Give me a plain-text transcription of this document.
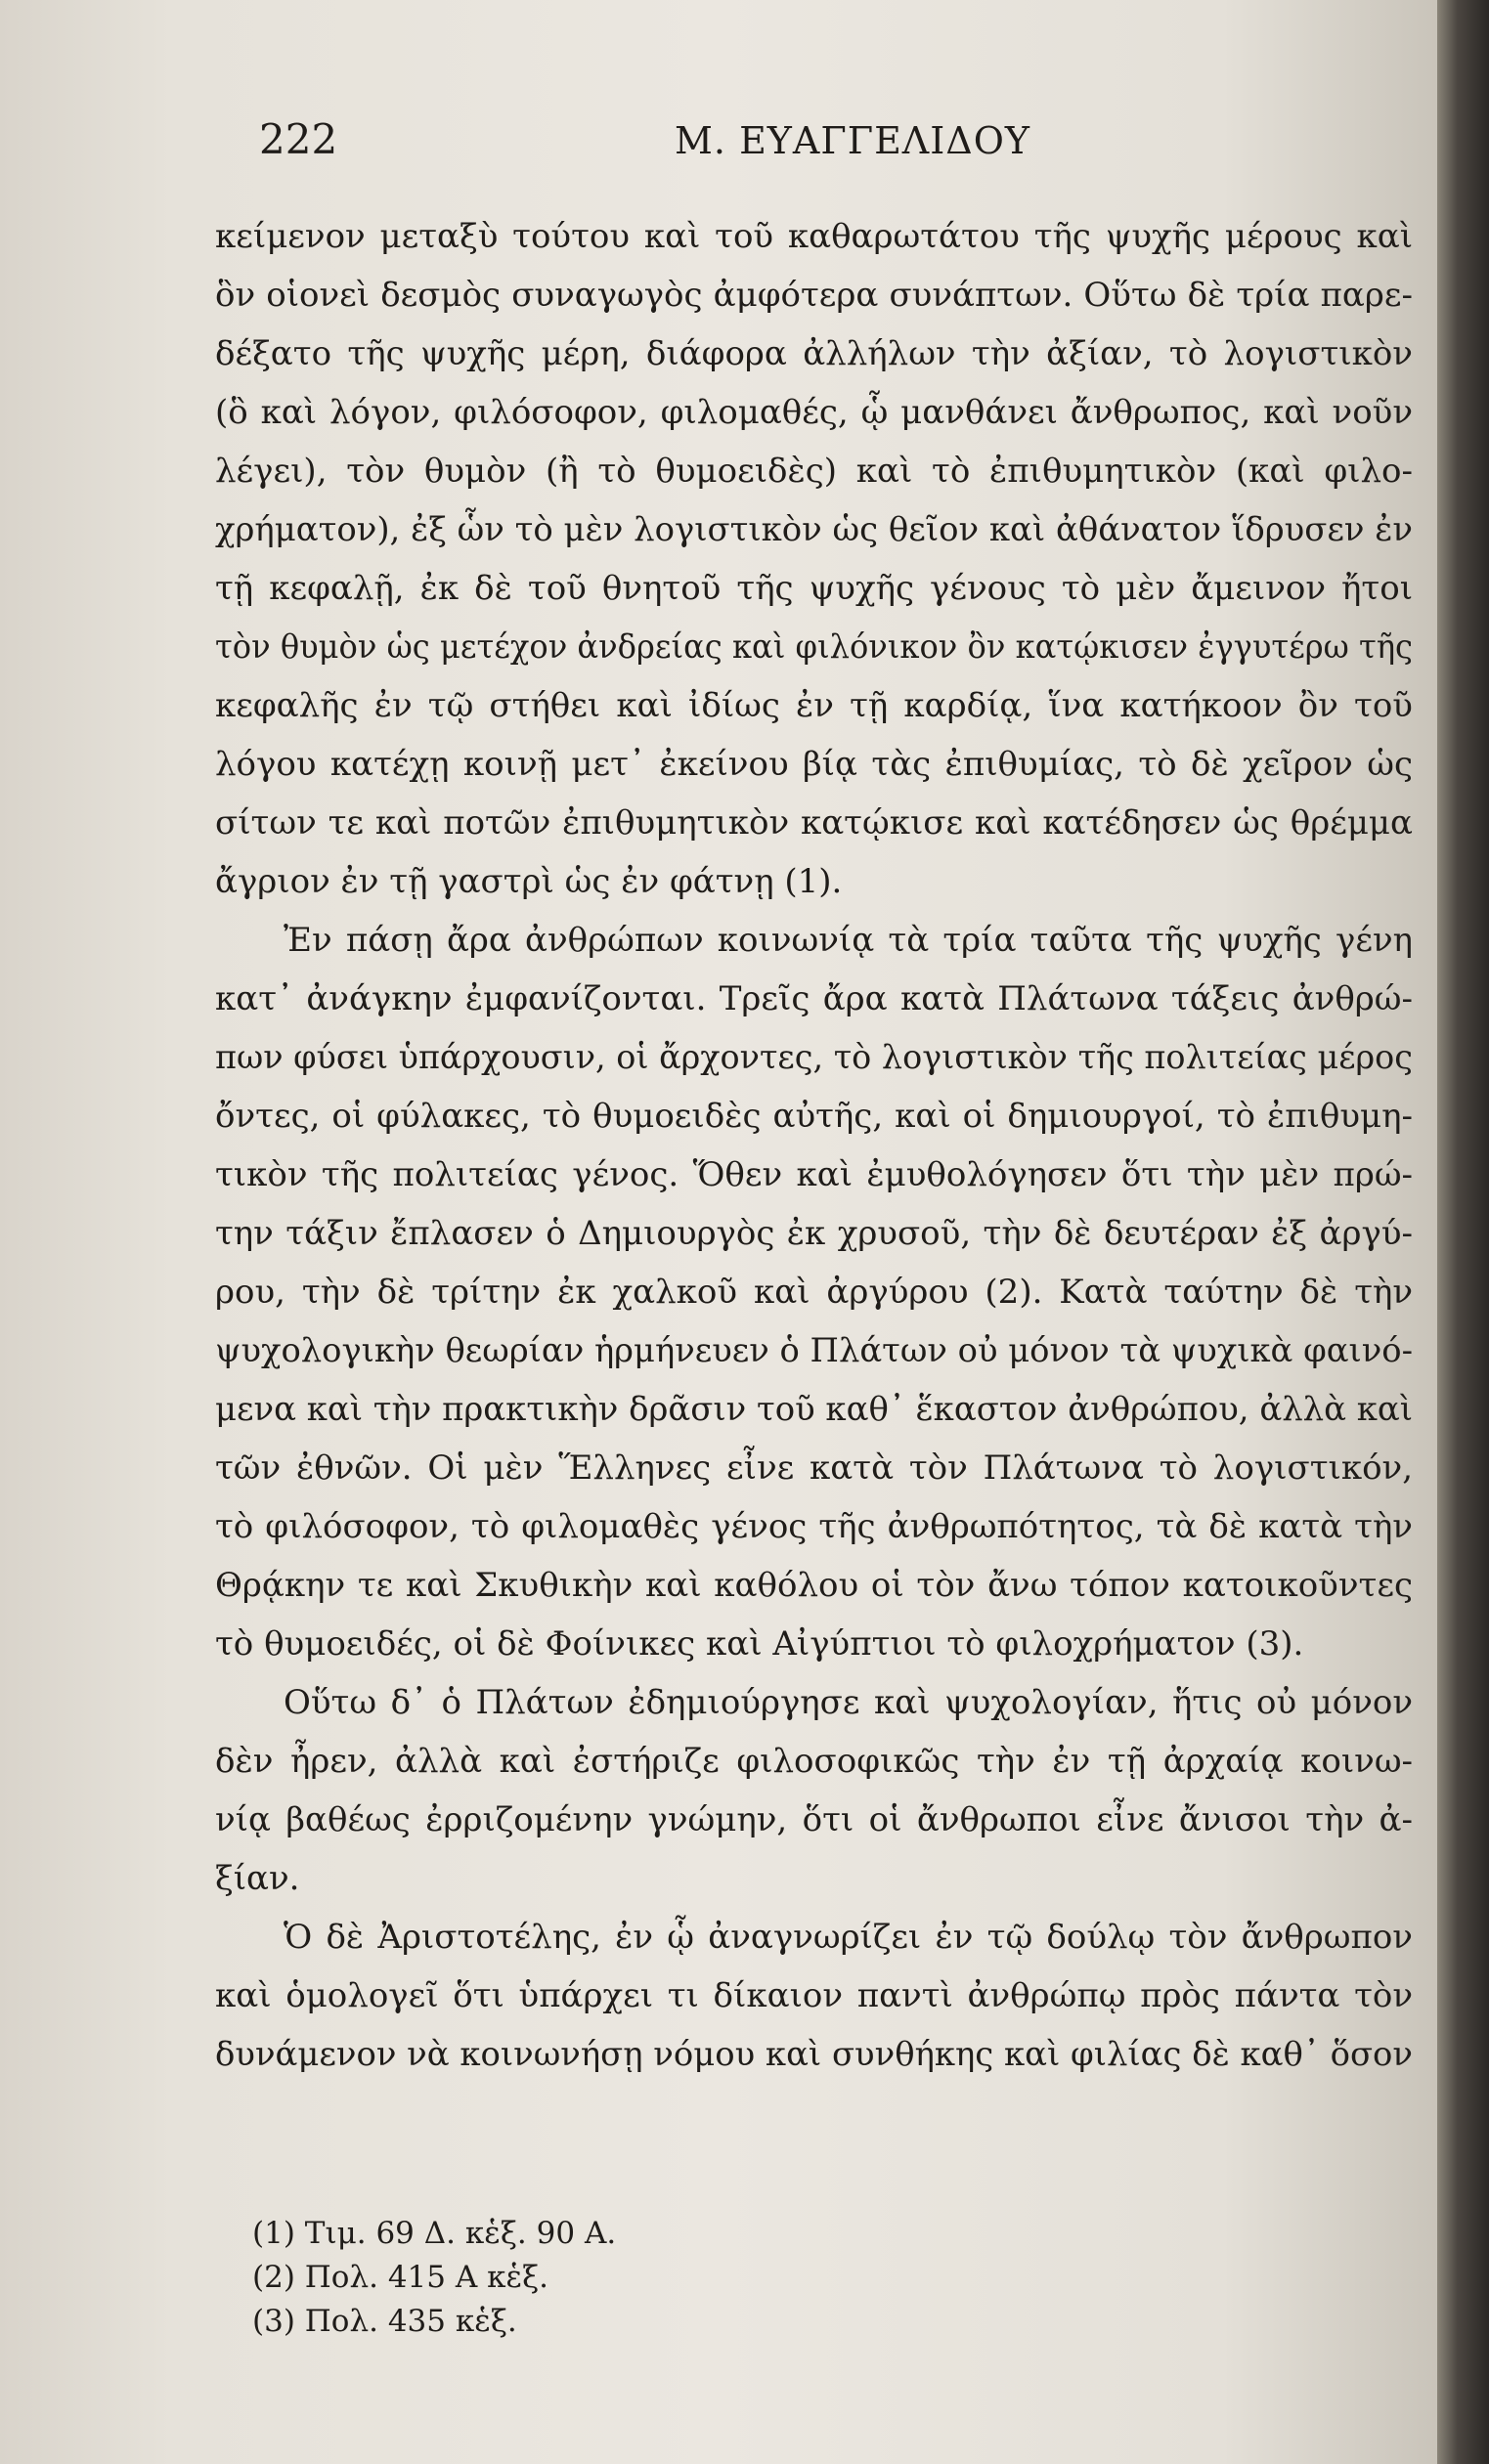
222	Μ. ΕΥΑΓΓΕΛΙΔΟΥ
κείμενον μεταξὺ τούτου καὶ τοῦ καθαρωτάτου τῆς ψυχῆς μέρους καὶ
ὃν οἱονεὶ δεσμὸς συναγωγὸς ἀμφότερα συνάπτων. Οὕτω δὲ τρία παρε-
δέξατο τῆς ψυχῆς μέρη, διάφορα ἀλλήλων τὴν ἀξίαν, τὸ λογιστικὸν
(ὃ καὶ λόγον, φιλόσοφον, φιλομαθές, ᾧ μανθάνει ἄνθρωπος, καὶ νοῦν
λέγει), τὸν θυμὸν (ἢ τὸ θυμοειδὲς) καὶ τὸ ἐπιθυμητικὸν (καὶ φιλο-
χρήματον), ἐξ ὧν τὸ μὲν λογιστικὸν ὡς θεῖον καὶ ἀθάνατον ἵδρυσεν ἐν
τῇ κεφαλῇ, ἐκ δὲ τοῦ θνητοῦ τῆς ψυχῆς γένους τὸ μὲν ἄμεινον ἤτοι
τὸν θυμὸν ὡς μετέχον ἀνδρείας καὶ φιλόνικον ὂν κατῴκισεν ἐγγυτέρω τῆς
κεφαλῆς ἐν τῷ στήθει καὶ ἰδίως ἐν τῇ καρδίᾳ, ἵνα κατήκοον ὂν τοῦ
λόγου κατέχῃ κοινῇ μετ᾽ ἐκείνου βίᾳ τὰς ἐπιθυμίας, τὸ δὲ χεῖρον ὡς
σίτων τε καὶ ποτῶν ἐπιθυμητικὸν κατῴκισε καὶ κατέδησεν ὡς θρέμμα
ἄγριον ἐν τῇ γαστρὶ ὡς ἐν φάτνῃ (1).
Ἐν πάσῃ ἄρα ἀνθρώπων κοινωνίᾳ τὰ τρία ταῦτα τῆς ψυχῆς γένη
κατ᾽ ἀνάγκην ἐμφανίζονται. Τρεῖς ἄρα κατὰ Πλάτωνα τάξεις ἀνθρώ-
πων φύσει ὑπάρχουσιν, οἱ ἄρχοντες, τὸ λογιστικὸν τῆς πολιτείας μέρος
ὄντες, οἱ φύλακες, τὸ θυμοειδὲς αὐτῆς, καὶ οἱ δημιουργοί, τὸ ἐπιθυμη-
τικὸν τῆς πολιτείας γένος. Ὅθεν καὶ ἐμυθολόγησεν ὅτι τὴν μὲν πρώ-
την τάξιν ἔπλασεν ὁ Δημιουργὸς ἐκ χρυσοῦ, τὴν δὲ δευτέραν ἐξ ἀργύ-
ρου, τὴν δὲ τρίτην ἐκ χαλκοῦ καὶ ἀργύρου (2). Κατὰ ταύτην δὲ τὴν
ψυχολογικὴν θεωρίαν ἡρμήνευεν ὁ Πλάτων οὐ μόνον τὰ ψυχικὰ φαινό-
μενα καὶ τὴν πρακτικὴν δρᾶσιν τοῦ καθ᾽ ἕκαστον ἀνθρώπου, ἀλλὰ καὶ
τῶν ἐθνῶν. Οἱ μὲν Ἕλληνες εἶνε κατὰ τὸν Πλάτωνα τὸ λογιστικόν,
τὸ φιλόσοφον, τὸ φιλομαθὲς γένος τῆς ἀνθρωπότητος, τὰ δὲ κατὰ τὴν
Θρᾴκην τε καὶ Σκυθικὴν καὶ καθόλου οἱ τὸν ἄνω τόπον κατοικοῦντες
τὸ θυμοειδές, οἱ δὲ Φοίνικες καὶ Αἰγύπτιοι τὸ φιλοχρήματον (3).
Οὕτω δ᾽ ὁ Πλάτων ἐδημιούργησε καὶ ψυχολογίαν, ἥτις οὐ μόνον
δὲν ἦρεν, ἀλλὰ καὶ ἐστήριζε φιλοσοφικῶς τὴν ἐν τῇ ἀρχαίᾳ κοινω-
νίᾳ βαθέως ἐρριζομένην γνώμην, ὅτι οἱ ἄνθρωποι εἶνε ἄνισοι τὴν ἀ-
ξίαν.
Ὁ δὲ Ἀριστοτέλης, ἐν ᾧ ἀναγνωρίζει ἐν τῷ δούλῳ τὸν ἄνθρωπον
καὶ ὁμολογεῖ ὅτι ὑπάρχει τι δίκαιον παντὶ ἀνθρώπῳ πρὸς πάντα τὸν
δυνάμενον νὰ κοινωνήσῃ νόμου καὶ συνθήκης καὶ φιλίας δὲ καθ᾽ ὅσον
(1) Τιμ. 69 Δ. κἑξ. 90 Α.
(2) Πολ. 415 Α κἑξ.
(3) Πολ. 435 κἑξ.
